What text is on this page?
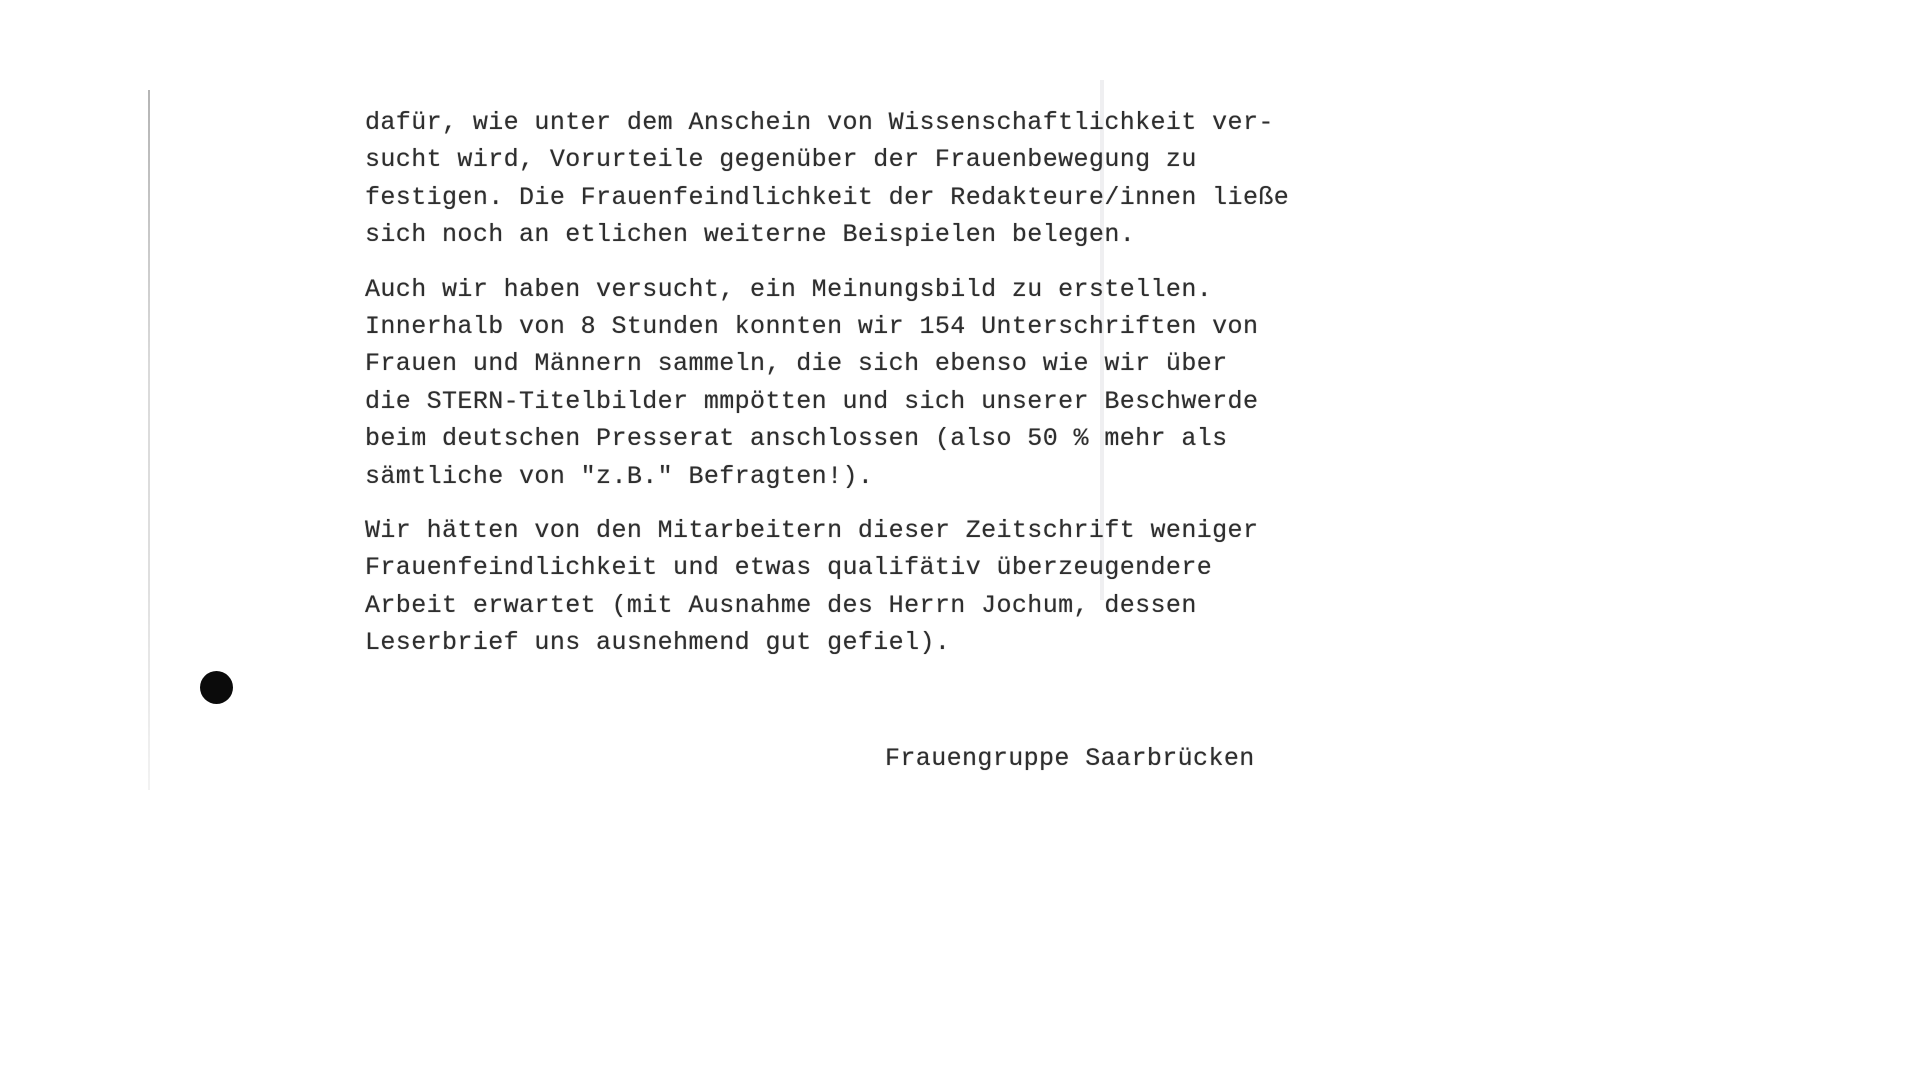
dafür, wie unter dem Anschein von Wissenschaftlichkeit ver-
sucht wird, Vorurteile gegenüber der Frauenbewegung zu
festigen. Die Frauenfeindlichkeit der Redakteure/innen ließe
sich noch an etlichen weiterne Beispielen belegen.
Auch wir haben versucht, ein Meinungsbild zu erstellen.
Innerhalb von 8 Stunden konnten wir 154 Unterschriften von
Frauen und Männern sammeln, die sich ebenso wie wir über
die STERN-Titelbilder mmpötten und sich unserer Beschwerde
beim deutschen Presserat anschlossen (also 50 % mehr als
sämtliche von "z.B." Befragten!).
Wir hätten von den Mitarbeitern dieser Zeitschrift weniger
Frauenfeindlichkeit und etwas qualifätiv überzeugendere
Arbeit erwartet (mit Ausnahme des Herrn Jochum, dessen
Leserbrief uns ausnehmend gut gefiel).
Frauengruppe Saarbrücken
